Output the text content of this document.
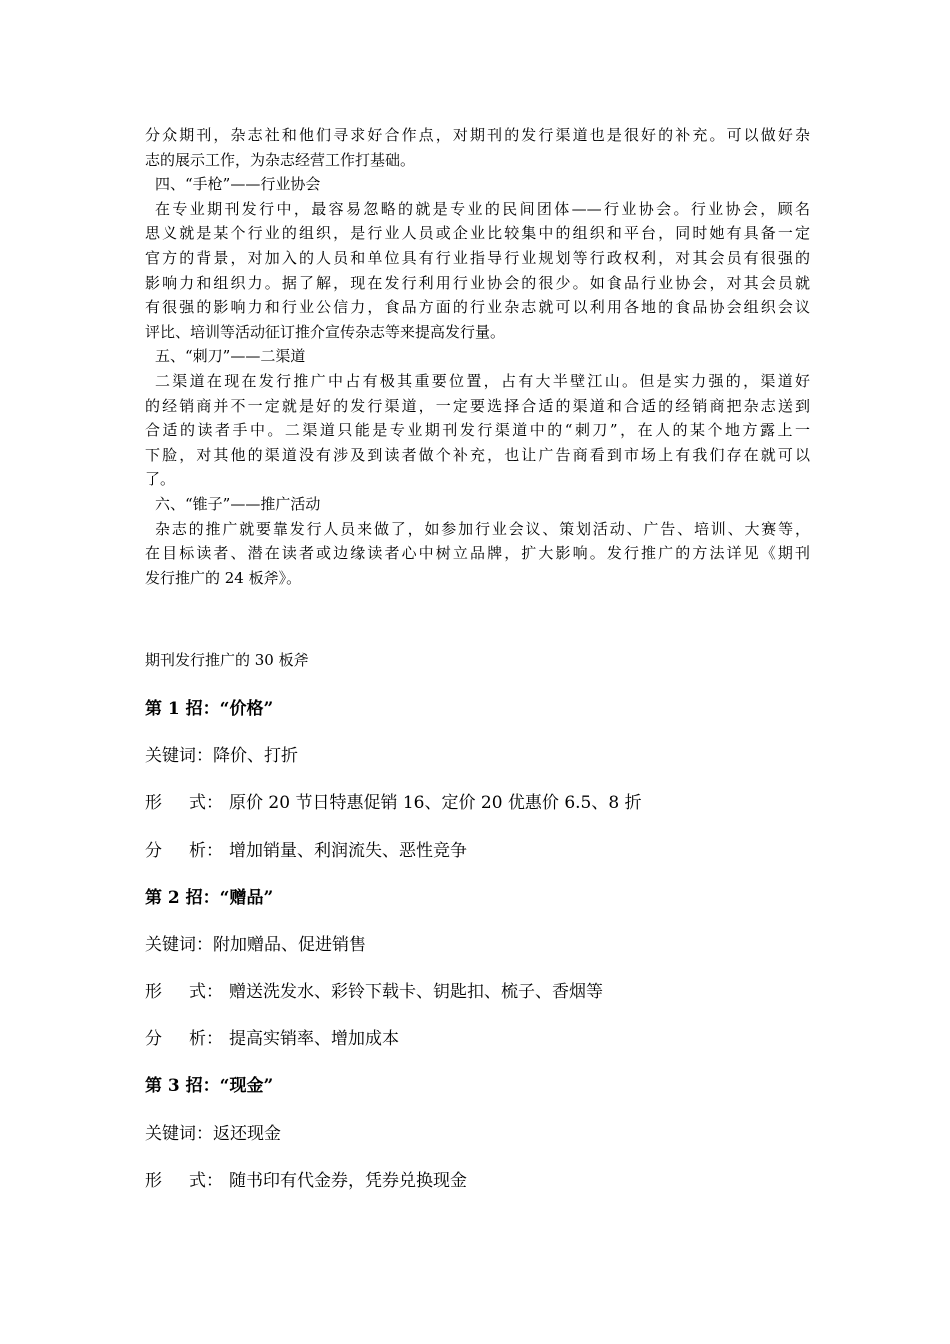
分众期刊，杂志社和他们寻求好合作点，对期刊的发行渠道也是很好的补充。可以做好杂
志的展示工作，为杂志经营工作打基础。
四、“手枪”——行业协会
在专业期刊发行中，最容易忽略的就是专业的民间团体——行业协会。行业协会，顾名
思义就是某个行业的组织，是行业人员或企业比较集中的组织和平台，同时她有具备一定
官方的背景，对加入的人员和单位具有行业指导行业规划等行政权利，对其会员有很强的
影响力和组织力。据了解，现在发行利用行业协会的很少。如食品行业协会，对其会员就
有很强的影响力和行业公信力，食品方面的行业杂志就可以利用各地的食品协会组织会议
评比、培训等活动征订推介宣传杂志等来提高发行量。
五、“刺刀”——二渠道
二渠道在现在发行推广中占有极其重要位置，占有大半壁江山。但是实力强的，渠道好
的经销商并不一定就是好的发行渠道，一定要选择合适的渠道和合适的经销商把杂志送到
合适的读者手中。二渠道只能是专业期刊发行渠道中的“刺刀”，在人的某个地方露上一
下脸，对其他的渠道没有涉及到读者做个补充，也让广告商看到市场上有我们存在就可以
了。
六、“锥子”——推广活动
杂志的推广就要靠发行人员来做了，如参加行业会议、策划活动、广告、培训、大赛等，
在目标读者、潜在读者或边缘读者心中树立品牌，扩大影响。发行推广的方法详见《期刊
发行推广的 24 板斧》。
期刊发行推广的 30 板斧
第 1 招：“价格”
关键词：降价、打折
形 式： 原价 20 节日特惠促销 16、定价 20 优惠价 6.5、8 折
分 析： 增加销量、利润流失、恶性竞争
第 2 招：“赠品”
关键词：附加赠品、促进销售
形 式： 赠送洗发水、彩铃下载卡、钥匙扣、梳子、香烟等
分 析： 提高实销率、增加成本
第 3 招：“现金”
关键词：返还现金
形 式： 随书印有代金券，凭券兑换现金
